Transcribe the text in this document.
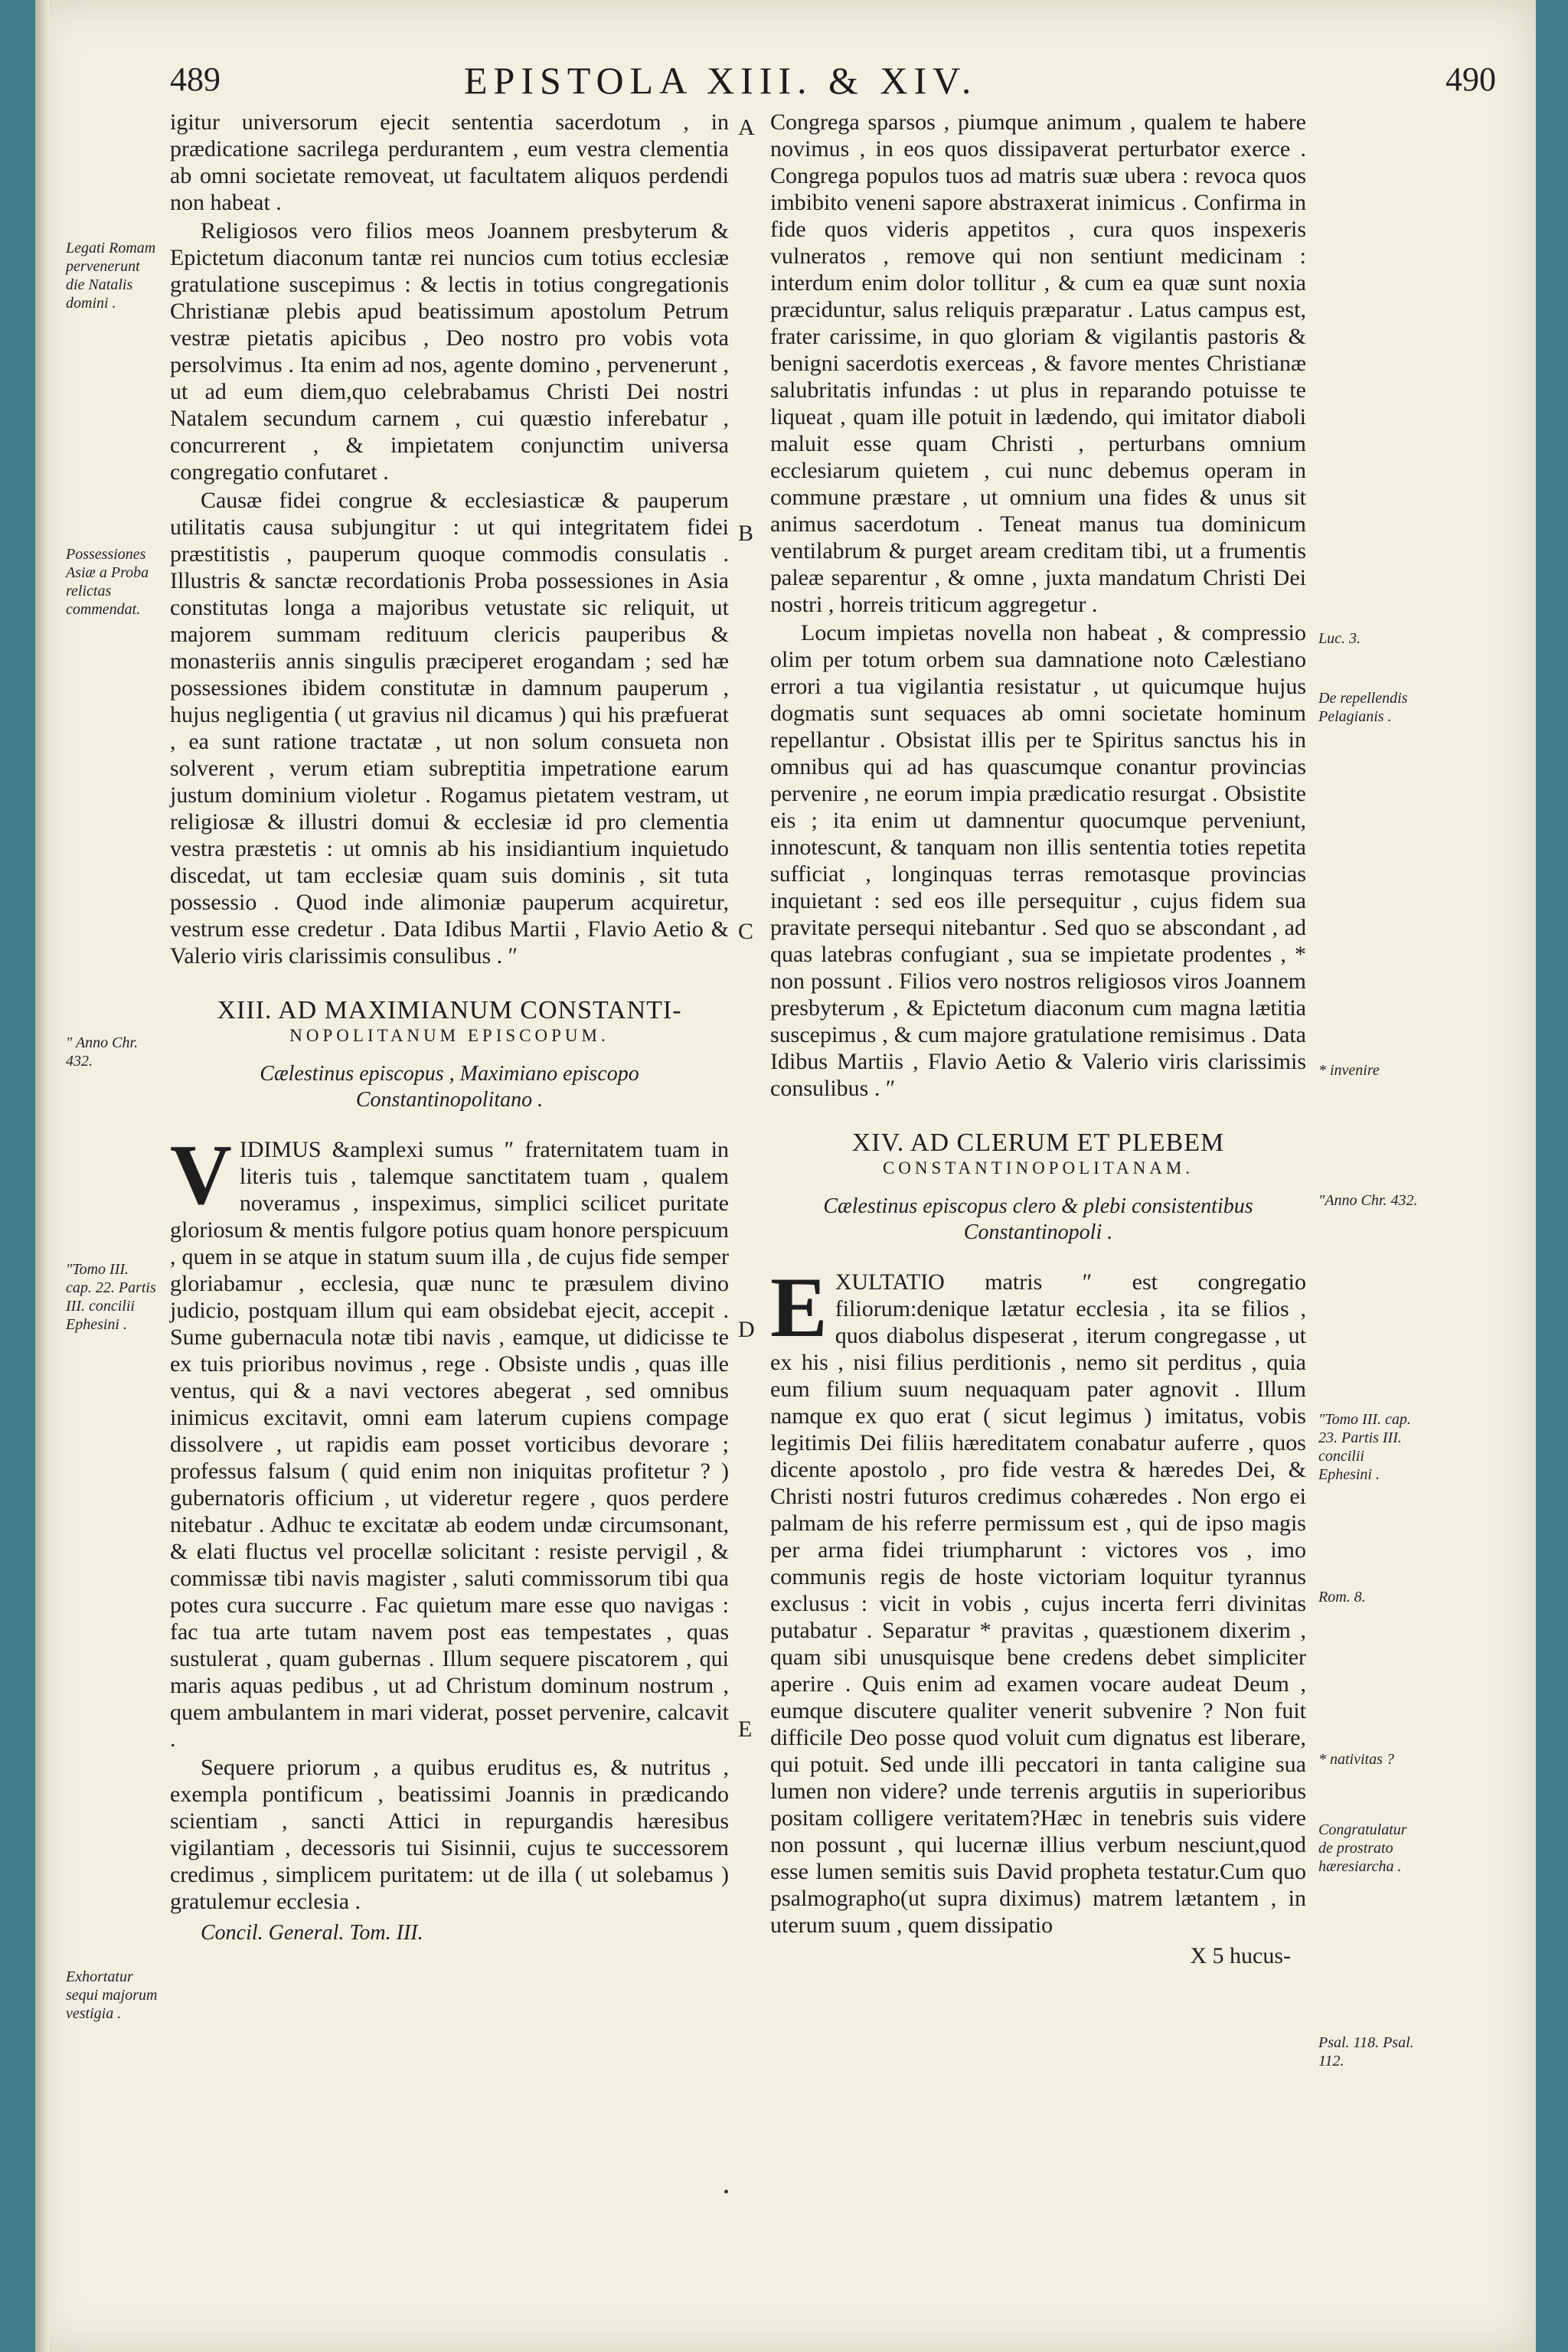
489	EPISTOLA XIII. & XIV.	490

igitur universorum ejecit sententia sacerdotum , in prædicatione sacrilega perdurantem , eum vestra clementia ab omni societate removeat, ut facultatem aliquos perdendi non habeat .

Religiosos vero filios meos Joannem presbyterum & Epictetum diaconum tantæ rei nuncios cum totius ecclesiæ gratulatione suscepimus : & lectis in totius congregationis Christianæ plebis apud beatissimum apostolum Petrum vestræ pietatis apicibus , Deo nostro pro vobis vota persolvimus . Ita enim ad nos, agente domino , pervenerunt , ut ad eum diem,quo celebrabamus Christi Dei nostri Natalem secundum carnem , cui quæstio inferebatur , concurrerent , & impietatem conjunctim universa congregatio confutaret .

Causæ fidei congrue & ecclesiasticæ & pauperum utilitatis causa subjungitur : ut qui integritatem fidei præstitistis , pauperum quoque commodis consulatis . Illustris & sanctæ recordationis Proba possessiones in Asia constitutas longa a majoribus vetustate sic reliquit, ut majorem summam redituum clericis pauperibus & monasteriis annis singulis præciperet erogandam ; sed hæ possessiones ibidem constitutæ in damnum pauperum , hujus negligentia ( ut gravius nil dicamus ) qui his præfuerat , ea sunt ratione tractatæ , ut non solum consueta non solverent , verum etiam subreptitia impetratione earum justum dominium violetur . Rogamus pietatem vestram, ut religiosæ & illustri domui & ecclesiæ id pro clementia vestra præstetis : ut omnis ab his insidiantium inquietudo discedat, ut tam ecclesiæ quam suis dominis , sit tuta possessio . Quod inde alimoniæ pauperum acquiretur, vestrum esse credetur . Data Idibus Martii , Flavio Aetio & Valerio viris clarissimis consulibus . ″

XIII. AD MAXIMIANUM CONSTANTI-
NOPOLITANUM EPISCOPUM.
Cælestinus episcopus , Maximiano episcopo Constantinopolitano .

VIDIMUS &amplexi sumus ″ fraternitatem tuam in literis tuis , talemque sanctitatem tuam , qualem noveramus , inspeximus, simplici scilicet puritate gloriosum & mentis fulgore potius quam honore perspicuum , quem in se atque in statum suum illa , de cujus fide semper gloriabamur , ecclesia, quæ nunc te præsulem divino judicio, postquam illum qui eam obsidebat ejecit, accepit . Sume gubernacula notæ tibi navis , eamque, ut didicisse te ex tuis prioribus novimus , rege . Obsiste undis , quas ille ventus, qui & a navi vectores abegerat , sed omnibus inimicus excitavit, omni eam laterum cupiens compage dissolvere , ut rapidis eam posset vorticibus devorare ; professus falsum ( quid enim non iniquitas profitetur ? ) gubernatoris officium , ut videretur regere , quos perdere nitebatur . Adhuc te excitatæ ab eodem undæ circumsonant, & elati fluctus vel procellæ solicitant : resiste pervigil , & commissæ tibi navis magister , saluti commissorum tibi qua potes cura succurre . Fac quietum mare esse quo navigas : fac tua arte tutam navem post eas tempestates , quas sustulerat , quam gubernas . Illum sequere piscatorem , qui maris aquas pedibus , ut ad Christum dominum nostrum , quem ambulantem in mari viderat, posset pervenire, calcavit .

Sequere priorum , a quibus eruditus es, & nutritus , exempla pontificum , beatissimi Joannis in prædicando scientiam , sancti Attici in repurgandis hæresibus vigilantiam , decessoris tui Sisinnii, cujus te successorem credimus , simplicem puritatem: ut de illa ( ut solebamus ) gratulemur ecclesia .

Concil. General. Tom. III.

Congrega sparsos , piumque animum , qualem te habere novimus , in eos quos dissipaverat perturbator exerce . Congrega populos tuos ad matris suæ ubera : revoca quos imbibito veneni sapore abstraxerat inimicus . Confirma in fide quos videris appetitos , cura quos inspexeris vulneratos , remove qui non sentiunt medicinam : interdum enim dolor tollitur , & cum ea quæ sunt noxia præciduntur, salus reliquis præparatur . Latus campus est, frater carissime, in quo gloriam & vigilantis pastoris & benigni sacerdotis exerceas , & favore mentes Christianæ salubritatis infundas : ut plus in reparando potuisse te liqueat , quam ille potuit in lædendo, qui imitator diaboli maluit esse quam Christi , perturbans omnium ecclesiarum quietem , cui nunc debemus operam in commune præstare , ut omnium una fides & unus sit animus sacerdotum . Teneat manus tua dominicum ventilabrum & purget aream creditam tibi, ut a frumentis paleæ separentur , & omne , juxta mandatum Christi Dei nostri , horreis triticum aggregetur .

Locum impietas novella non habeat , & compressio olim per totum orbem sua damnatione noto Cælestiano errori a tua vigilantia resistatur , ut quicumque hujus dogmatis sunt sequaces ab omni societate hominum repellantur . Obsistat illis per te Spiritus sanctus his in omnibus qui ad has quascumque conantur provincias pervenire , ne eorum impia prædicatio resurgat . Obsistite eis ; ita enim ut damnentur quocumque perveniunt, innotescunt, & tanquam non illis sententia toties repetita sufficiat , longinquas terras remotasque provincias inquietant : sed eos ille persequitur , cujus fidem sua pravitate persequi nitebantur . Sed quo se abscondant , ad quas latebras confugiant , sua se impietate prodentes , * non possunt . Filios vero nostros religiosos viros Joannem presbyterum , & Epictetum diaconum cum magna lætitia suscepimus , & cum majore gratulatione remisimus . Data Idibus Martiis , Flavio Aetio & Valerio viris clarissimis consulibus . ″

XIV. AD CLERUM ET PLEBEM
CONSTANTINOPOLITANAM.
Cælestinus episcopus clero & plebi consistentibus Constantinopoli .

EXULTATIO matris ″ est congregatio filiorum:denique lætatur ecclesia , ita se filios , quos diabolus dispeserat , iterum congregasse , ut ex his , nisi filius perditionis , nemo sit perditus , quia eum filium suum nequaquam pater agnovit . Illum namque ex quo erat ( sicut legimus ) imitatus, vobis legitimis Dei filiis hæreditatem conabatur auferre , quos dicente apostolo , pro fide vestra & hæredes Dei, & Christi nostri futuros credimus cohæredes . Non ergo ei palmam de his referre permissum est , qui de ipso magis per arma fidei triumpharunt : victores vos , imo communis regis de hoste victoriam loquitur tyrannus exclusus : vicit in vobis , cujus incerta ferri divinitas putabatur . Separatur * pravitas , quæstionem dixerim , quam sibi unusquisque bene credens debet simpliciter aperire . Quis enim ad examen vocare audeat Deum , eumque discutere qualiter venerit subvenire ? Non fuit difficile Deo posse quod voluit cum dignatus est liberare, qui potuit. Sed unde illi peccatori in tanta caligine sua lumen non videre? unde terrenis argutiis in superioribus positam colligere veritatem?Hæc in tenebris suis videre non possunt , qui lucernæ illius verbum nesciunt,quod esse lumen semitis suis David propheta testatur.Cum quo psalmographo(ut supra diximus) matrem lætantem , in uterum suum , quem dissipatio

X 5 hucus-
Legati Romam pervenerunt die Natalis domini .
Possessiones Asiæ a Proba relictas commendat.
″ Anno Chr. 432.
″Tomo III. cap. 22. Partis III. concilii Ephesini .
Exhortatur sequi majorum vestigia .
Luc. 3.
De repellendis Pelagianis .
* invenire
″Anno Chr. 432.
″Tomo III. cap. 23. Partis III. concilii Ephesini .
Rom. 8.
* nativitas ?
Congratulatur de prostrato hæresiarcha .
Psal. 118. Psal. 112.
A
B
C
D
E
